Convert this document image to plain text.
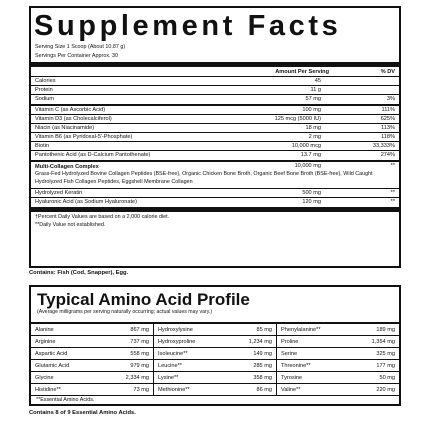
Supplement Facts
Serving Size 1 Scoop (About 10.87 g)
Servings Per Container Approx. 30
Amount Per Serving	% DV
Calories	45
Protein	11 g
Sodium	57 mg	3%
Vitamin C (as Ascorbic Acid)	100 mg	111%
Vitamin D3 (as Cholecalciferol)	125 mcg (5000 IU)	625%
Niacin (as Niacinamide)	18 mg	113%
Vitamin B6 (as Pyridoxal-5'-Phosphate)	2 mg	118%
Biotin	10,000 mcg	33,333%
Pantothenic Acid (as D-Calcium Pantothenate)	13.7 mg	274%
Multi-Collagen Complex
Grass-Fed Hydrolyzed Bovine Collagen Peptides (BSE-free), Organic Chicken Bone Broth, Organic Beef Bone Broth (BSE-free), Wild Caught Hydrolyzed Fish Collagen Peptides, Eggshell Membrane Collagen
10,000 mg	**
Hydrolyzed Keratin	500 mg	**
Hyaluronic Acid (as Sodium Hyaluronate)	120 mg	**
†Percent Daily Values are based on a 2,000 calorie diet.
**Daily Value not established.
Contains: Fish (Cod, Snapper), Egg.
Typical Amino Acid Profile
(Average milligrams per serving naturally occurring; actual values may vary.)
Alanine	867 mg Hydroxylysine	85 mg Phenylalanine**	189 mg
Arginine	737 mg Hydroxyproline	1,234 mg Proline	1,354 mg
Aspartic Acid	558 mg Isoleucine**	149 mg Serine	325 mg
Glutamic Acid	979 mg Leucine**	285 mg Threonine**	177 mg
Glycine	2,334 mg Lysine**	358 mg Tyrosine	50 mg
Histidine**	73 mg Methionine**	86 mg Valine**	220 mg
**Essential Amino Acids.
Contains 8 of 9 Essential Amino Acids.
